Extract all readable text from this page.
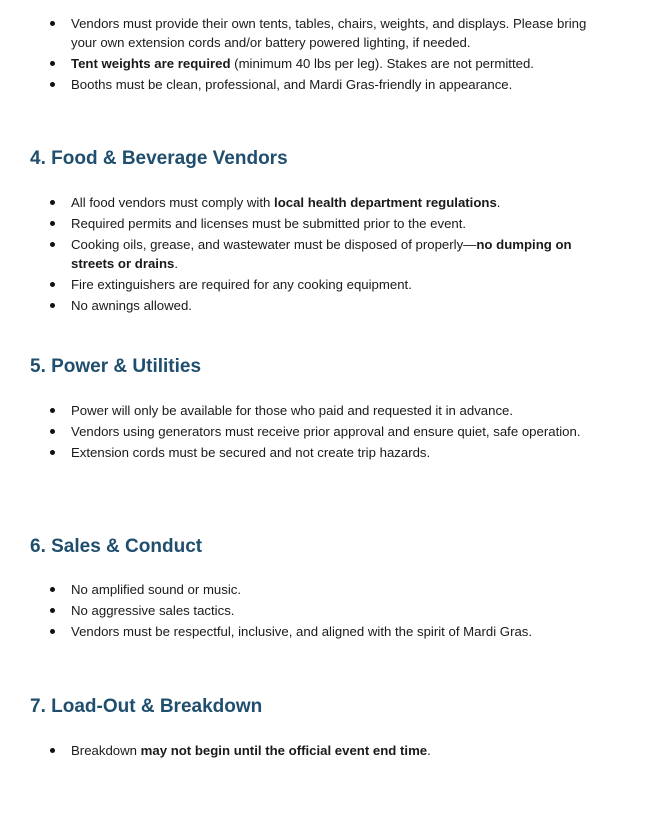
Vendors must provide their own tents, tables, chairs, weights, and displays. Please bring your own extension cords and/or battery powered lighting, if needed.
Tent weights are required (minimum 40 lbs per leg). Stakes are not permitted.
Booths must be clean, professional, and Mardi Gras-friendly in appearance.
4. Food & Beverage Vendors
All food vendors must comply with local health department regulations.
Required permits and licenses must be submitted prior to the event.
Cooking oils, grease, and wastewater must be disposed of properly—no dumping on streets or drains.
Fire extinguishers are required for any cooking equipment.
No awnings allowed.
5. Power & Utilities
Power will only be available for those who paid and requested it in advance.
Vendors using generators must receive prior approval and ensure quiet, safe operation.
Extension cords must be secured and not create trip hazards.
6. Sales & Conduct
No amplified sound or music.
No aggressive sales tactics.
Vendors must be respectful, inclusive, and aligned with the spirit of Mardi Gras.
7. Load-Out & Breakdown
Breakdown may not begin until the official event end time.
